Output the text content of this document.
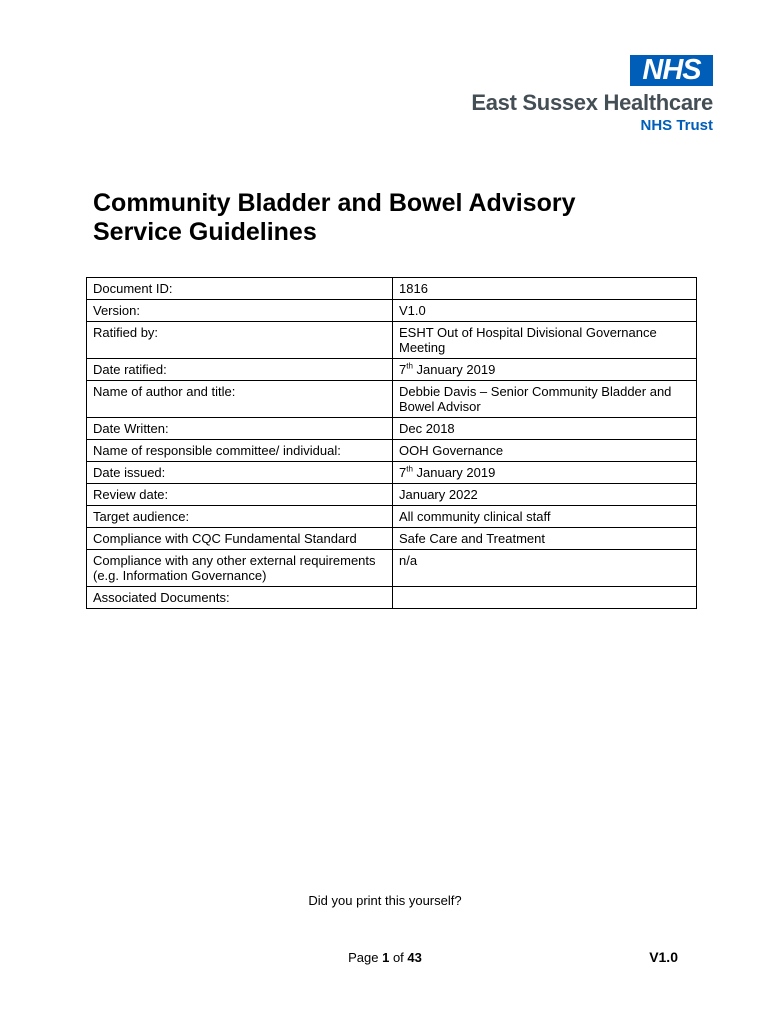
NHS
East Sussex Healthcare
NHS Trust
Community Bladder and Bowel Advisory
Service Guidelines
Document ID:	1816
Version:	V1.0
Ratified by:	ESHT Out of Hospital Divisional Governance Meeting
Date ratified:	7th January 2019
Name of author and title:	Debbie Davis – Senior Community Bladder and Bowel Advisor
Date Written:	Dec 2018
Name of responsible committee/ individual:	OOH Governance
Date issued:	7th January 2019
Review date:	January 2022
Target audience:	All community clinical staff
Compliance with CQC Fundamental Standard	Safe Care and Treatment
Compliance with any other external requirements (e.g. Information Governance)	n/a
Associated Documents:	
Did you print this yourself?
Page 1 of 43	V1.0
